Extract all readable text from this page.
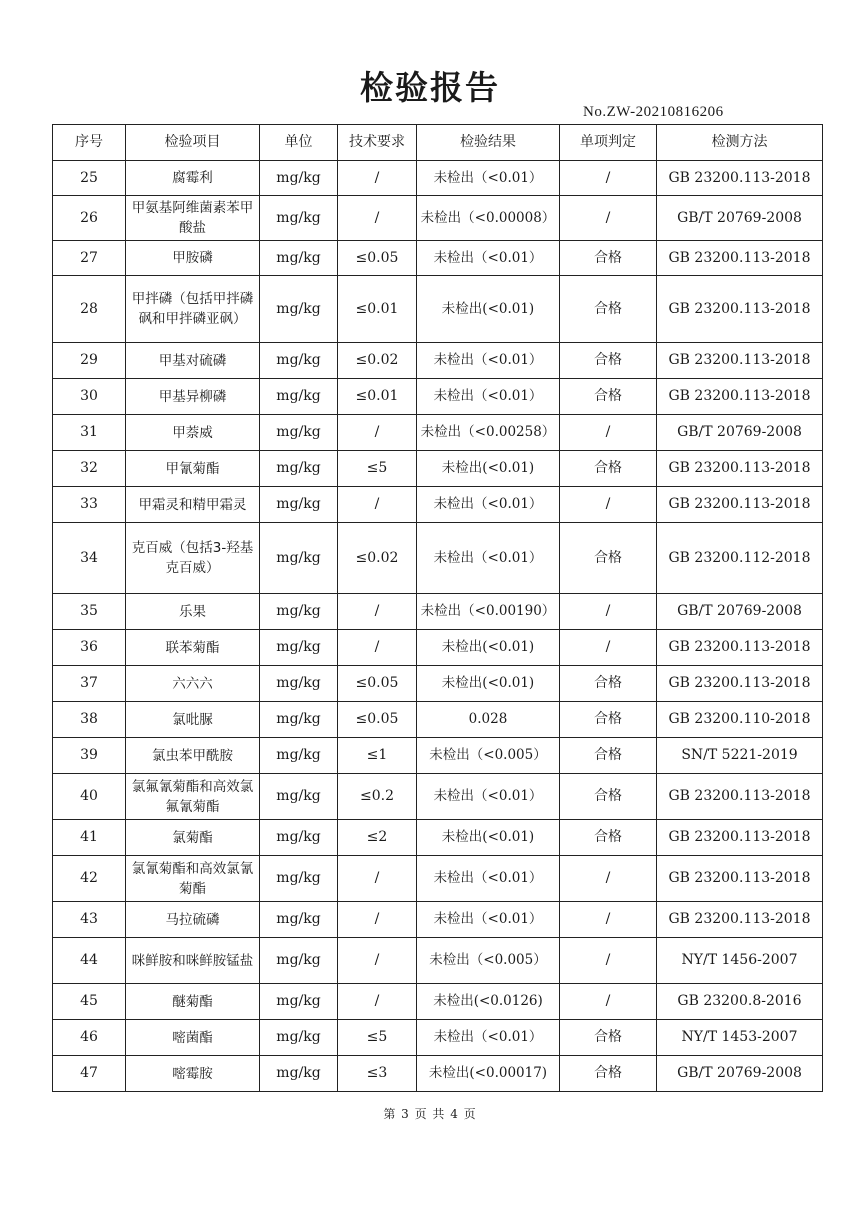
检验报告
No.ZW-20210816206
序号	检验项目	单位	技术要求	检验结果	单项判定	检测方法
25	腐霉利	mg/kg	/	未检出（<0.01）	/	GB 23200.113-2018
26	甲氨基阿维菌素苯甲酸盐	mg/kg	/	未检出（<0.00008）	/	GB/T 20769-2008
27	甲胺磷	mg/kg	≤0.05	未检出（<0.01）	合格	GB 23200.113-2018
28	甲拌磷（包括甲拌磷砜和甲拌磷亚砜）	mg/kg	≤0.01	未检出(<0.01)	合格	GB 23200.113-2018
29	甲基对硫磷	mg/kg	≤0.02	未检出（<0.01）	合格	GB 23200.113-2018
30	甲基异柳磷	mg/kg	≤0.01	未检出（<0.01）	合格	GB 23200.113-2018
31	甲萘威	mg/kg	/	未检出（<0.00258）	/	GB/T 20769-2008
32	甲氰菊酯	mg/kg	≤5	未检出(<0.01)	合格	GB 23200.113-2018
33	甲霜灵和精甲霜灵	mg/kg	/	未检出（<0.01）	/	GB 23200.113-2018
34	克百威（包括3-羟基克百威）	mg/kg	≤0.02	未检出（<0.01）	合格	GB 23200.112-2018
35	乐果	mg/kg	/	未检出（<0.00190）	/	GB/T 20769-2008
36	联苯菊酯	mg/kg	/	未检出(<0.01)	/	GB 23200.113-2018
37	六六六	mg/kg	≤0.05	未检出(<0.01)	合格	GB 23200.113-2018
38	氯吡脲	mg/kg	≤0.05	0.028	合格	GB 23200.110-2018
39	氯虫苯甲酰胺	mg/kg	≤1	未检出（<0.005）	合格	SN/T 5221-2019
40	氯氟氰菊酯和高效氯氟氰菊酯	mg/kg	≤0.2	未检出（<0.01）	合格	GB 23200.113-2018
41	氯菊酯	mg/kg	≤2	未检出(<0.01)	合格	GB 23200.113-2018
42	氯氰菊酯和高效氯氰菊酯	mg/kg	/	未检出（<0.01）	/	GB 23200.113-2018
43	马拉硫磷	mg/kg	/	未检出（<0.01）	/	GB 23200.113-2018
44	咪鲜胺和咪鲜胺锰盐	mg/kg	/	未检出（<0.005）	/	NY/T 1456-2007
45	醚菊酯	mg/kg	/	未检出(<0.0126)	/	GB 23200.8-2016
46	嘧菌酯	mg/kg	≤5	未检出（<0.01）	合格	NY/T 1453-2007
47	嘧霉胺	mg/kg	≤3	未检出(<0.00017)	合格	GB/T 20769-2008
第 3 页 共 4 页
